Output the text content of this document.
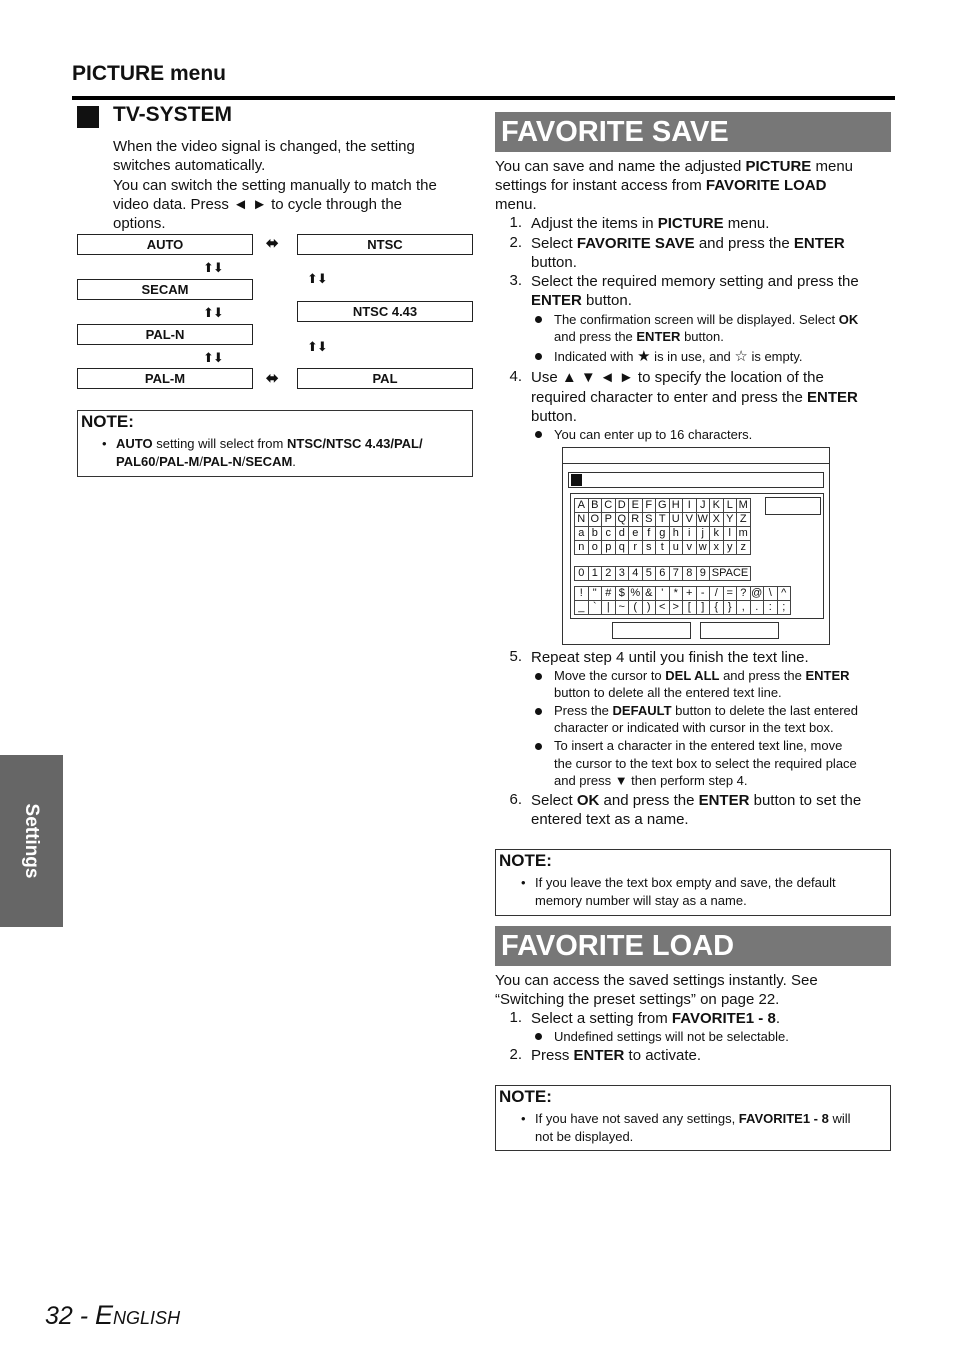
PICTURE menu
TV-SYSTEM
When the video signal is changed, the setting
switches automatically.
You can switch the setting manually to match the
video data. Press ◄ ► to cycle through the
options.
AUTO	NTSC
⬌
⬆⬇
⬆⬇
SECAM
NTSC 4.43
⬆⬇
PAL-N
⬆⬇
⬆⬇
PAL-M	⬌	PAL
NOTE:
• AUTO setting will select from NTSC/NTSC 4.43/PAL/
PAL60/PAL-M/PAL-N/SECAM.
FAVORITE SAVE
You can save and name the adjusted PICTURE menu
settings for instant access from FAVORITE LOAD
menu.
1. Adjust the items in PICTURE menu.
2. Select FAVORITE SAVE and press the ENTER
button.
3. Select the required memory setting and press the
ENTER button.
The confirmation screen will be displayed. Select OK
and press the ENTER button.
Indicated with ★ is in use, and ☆ is empty.
4. Use ▲ ▼ ◄ ► to specify the location of the
required character to enter and press the ENTER
button.
You can enter up to 16 characters.
A	B	C	D	E	F	G	H	I	J	K	L	M
N	O	P	Q	R	S	T	U	V	W	X	Y	Z
a	b	c	d	e	f	g	h	i	j	k	l	m
n	o	p	q	r	s	t	u	v	w	x	y	z
0	1	2	3	4	5	6	7	8	9	SPACE
!	"	#	$	%	&	'	*	+	-	/	=	?	@	\	^
_	`	|	~	(	)	<	>	[	]	{	}	,	.	:	;
5. Repeat step 4 until you finish the text line.
Move the cursor to DEL ALL and press the ENTER
button to delete all the entered text line.
Press the DEFAULT button to delete the last entered
character or indicated with cursor in the text box.
To insert a character in the entered text line, move
the cursor to the text box to select the required place
and press ▼ then perform step 4.
6. Select OK and press the ENTER button to set the
entered text as a name.
NOTE:
• If you leave the text box empty and save, the default
memory number will stay as a name.
FAVORITE LOAD
You can access the saved settings instantly. See
“Switching the preset settings” on page 22.
1. Select a setting from FAVORITE1 - 8.
Undefined settings will not be selectable.
2. Press ENTER to activate.
NOTE:
• If you have not saved any settings, FAVORITE1 - 8 will
not be displayed.
Settings
32 - English
